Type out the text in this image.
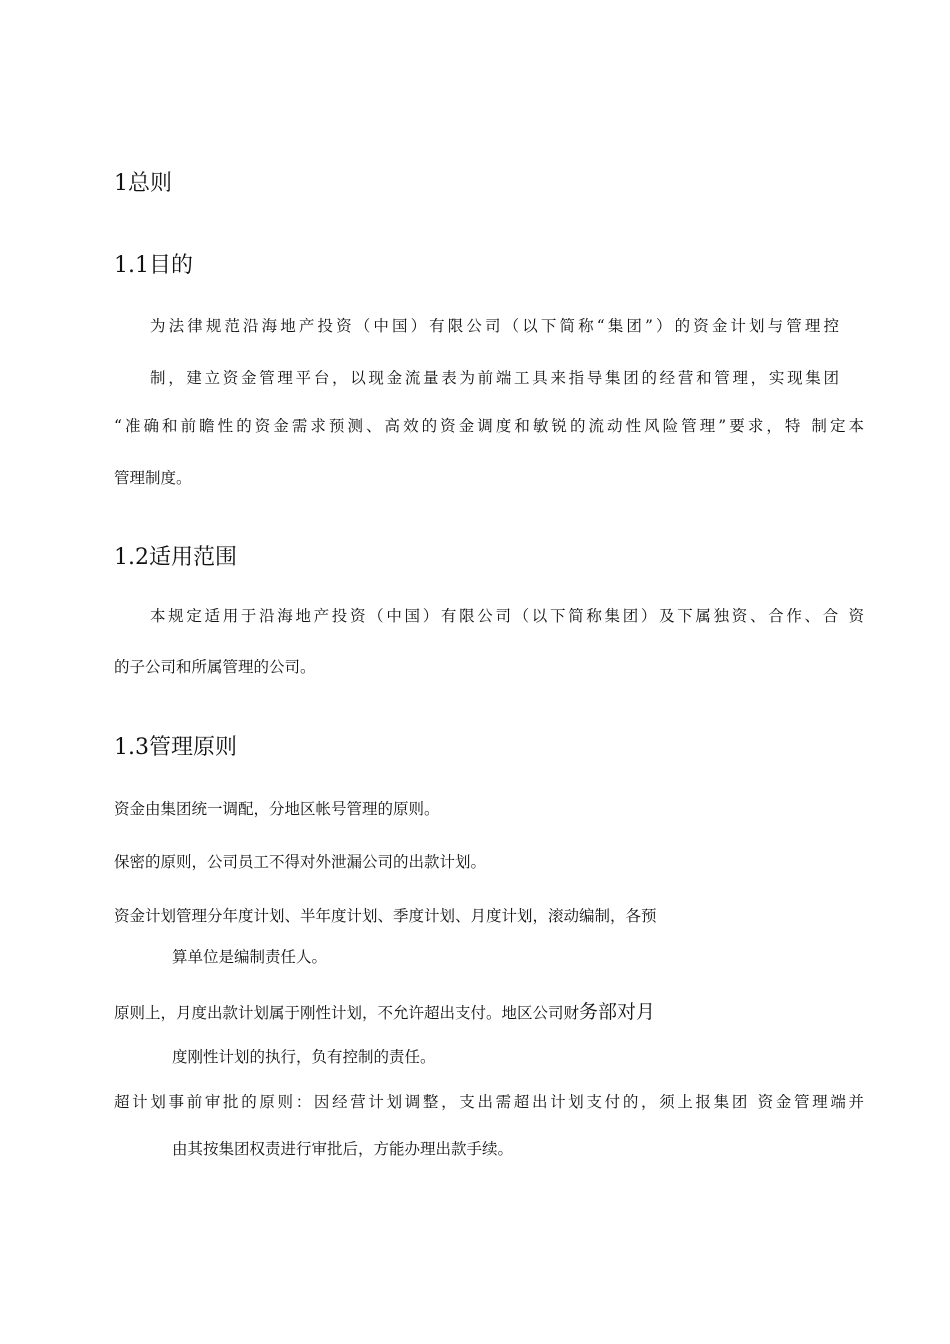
1总则
1.1目的
为法律规范沿海地产投资（中国）有限公司（以下简称“集团”）的资金计划与管理控
制，建立资金管理平台，以现金流量表为前端工具来指导集团的经营和管理，实现集团
“准确和前瞻性的资金需求预测、高效的资金调度和敏锐的流动性风险管理”要求，特 制定本
管理制度。
1.2适用范围
本规定适用于沿海地产投资（中国）有限公司（以下简称集团）及下属独资、合作、合 资
的子公司和所属管理的公司。
1.3管理原则
资金由集团统一调配，分地区帐号管理的原则。
保密的原则，公司员工不得对外泄漏公司的出款计划。
资金计划管理分年度计划、半年度计划、季度计划、月度计划，滚动编制，各预
算单位是编制责任人。
原则上，月度出款计划属于刚性计划，不允许超出支付。地区公司财务部对月
度刚性计划的执行，负有控制的责任。
超计划事前审批的原则：因经营计划调整，支出需超出计划支付的，须上报集团 资金管理端并
由其按集团权责进行审批后，方能办理出款手续。
